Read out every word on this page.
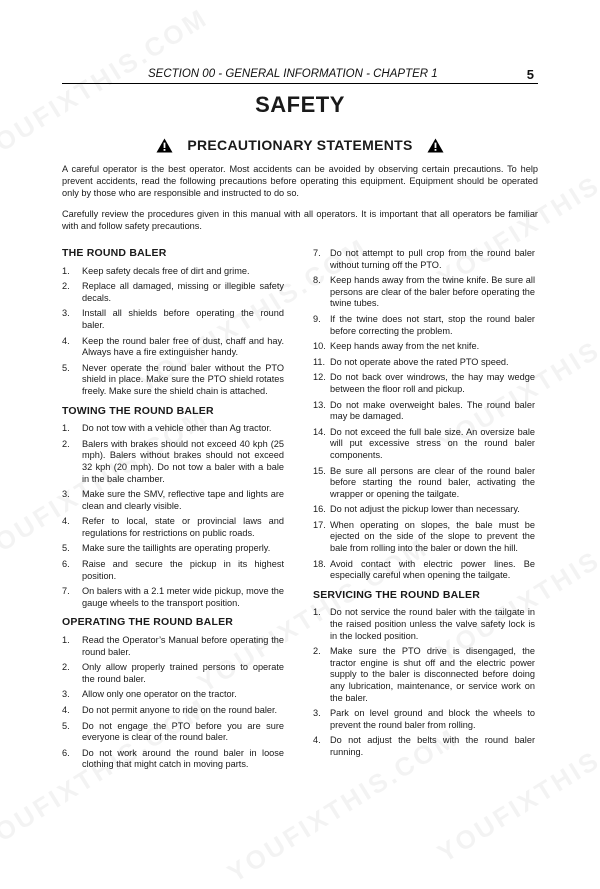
SECTION 00 - GENERAL INFORMATION - CHAPTER 1	5
SAFETY
PRECAUTIONARY STATEMENTS

A careful operator is the best operator. Most accidents can be avoided by observing certain precautions. To help prevent accidents, read the following precautions before operating this equipment. Equipment should be operated only by those who are responsible and instructed to do so.

Carefully review the procedures given in this manual with all operators. It is important that all operators be familiar with and follow safety precautions.

THE ROUND BALER
1.	Keep safety decals free of dirt and grime.
2.	Replace all damaged, missing or illegible safety decals.
3.	Install all shields before operating the round baler.
4.	Keep the round baler free of dust, chaff and hay. Always have a fire extinguisher handy.
5.	Never operate the round baler without the PTO shield in place. Make sure the PTO shield rotates freely. Make sure the shield chain is attached.
TOWING THE ROUND BALER
1.	Do not tow with a vehicle other than Ag tractor.
2.	Balers with brakes should not exceed 40 kph (25 mph). Balers without brakes should not exceed 32 kph (20 mph). Do not tow a baler with a bale in the bale chamber.
3.	Make sure the SMV, reflective tape and lights are clean and clearly visible.
4.	Refer to local, state or provincial laws and regulations for restrictions on public roads.
5.	Make sure the taillights are operating properly.
6.	Raise and secure the pickup in its highest position.
7.	On balers with a 2.1 meter wide pickup, move the gauge wheels to the transport position.
OPERATING THE ROUND BALER
1.	Read the Operator’s Manual before operating the round baler.
2.	Only allow properly trained persons to operate the round baler.
3.	Allow only one operator on the tractor.
4.	Do not permit anyone to ride on the round baler.
5.	Do not engage the PTO before you are sure everyone is clear of the round baler.
6.	Do not work around the round baler in loose clothing that might catch in moving parts.
7.	Do not attempt to pull crop from the round baler without turning off the PTO.
8.	Keep hands away from the twine knife. Be sure all persons are clear of the baler before operating the twine tubes.
9.	If the twine does not start, stop the round baler before correcting the problem.
10. Keep hands away from the net knife.
11. Do not operate above the rated PTO speed.
12. Do not back over windrows, the hay may wedge between the floor roll and pickup.
13. Do not make overweight bales. The round baler may be damaged.
14. Do not exceed the full bale size. An oversize bale will put excessive stress on the round baler components.
15. Be sure all persons are clear of the round baler before starting the round baler, activating the wrapper or opening the tailgate.
16. Do not adjust the pickup lower than necessary.
17. When operating on slopes, the bale must be ejected on the side of the slope to prevent the bale from rolling into the baler or down the hill.
18. Avoid contact with electric power lines. Be especially careful when opening the tailgate.
SERVICING THE ROUND BALER
1.	Do not service the round baler with the tailgate in the raised position unless the valve safety lock is in the locked position.
2.	Make sure the PTO drive is disengaged, the tractor engine is shut off and the electric power supply to the baler is disconnected before doing any lubrication, maintenance, or service work on the baler.
3.	Park on level ground and block the wheels to prevent the round baler from rolling.
4.	Do not adjust the belts with the round baler running.
